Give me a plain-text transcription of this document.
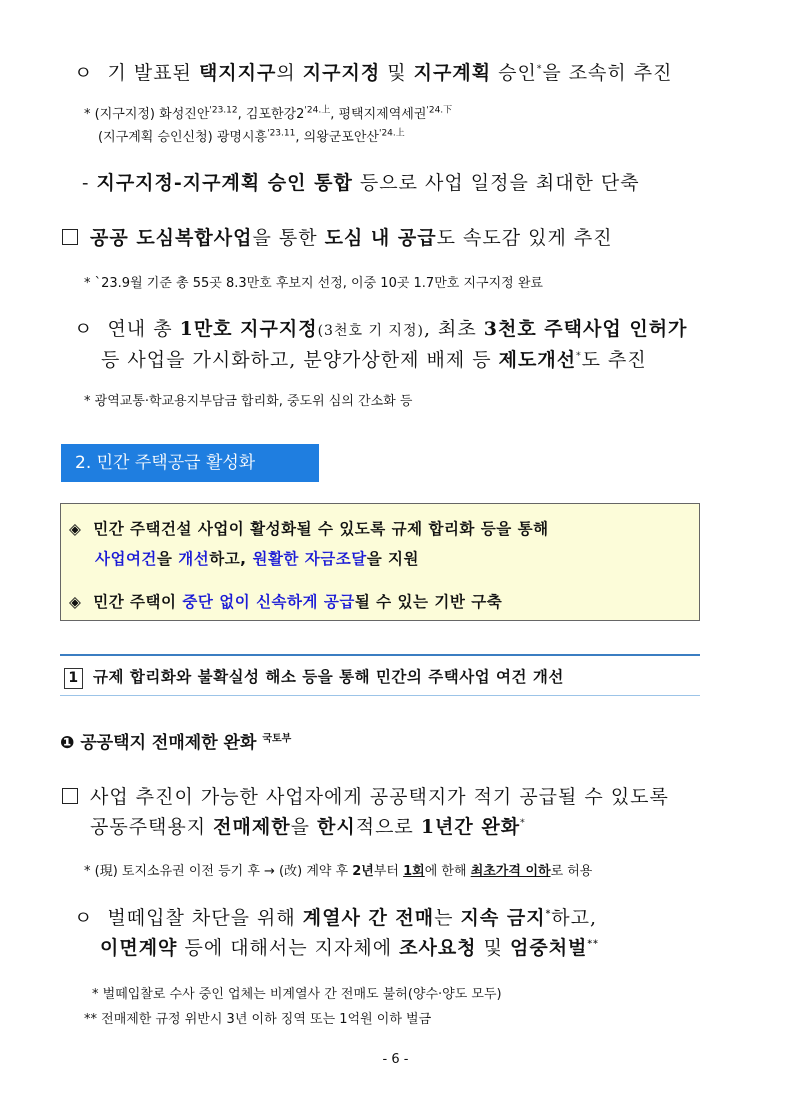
ㅇ 기 발표된 택지지구의 지구지정 및 지구계획 승인*을 조속히 추진
* (지구지정) 화성진안$^{'23.12}$, 김포한강$2^{'24.上}$, 평택지제역세권$^{'24.下}$
(지구계획 승인신청) 광명시흥$^{'23.11}$, 의왕군포안산$^{'24.上}$
- 지구지정-지구계획 승인 통합 등으로 사업 일정을 최대한 단축
공공 도심복합사업을 통한 도심 내 공급도 속도감 있게 추진
* `23.9월 기준 총 55곳 8.3만호 후보지 선정, 이중 10곳 1.7만호 지구지정 완료
ㅇ 연내 총 1만호 지구지정(3천호 기 지정), 최초 3천호 주택사업 인허가
등 사업을 가시화하고, 분양가상한제 배제 등 제도개선*도 추진
* 광역교통·학교용지부담금 합리화, 중도위 심의 간소화 등
2. 민간 주택공급 활성화
◈ 민간 주택건설 사업이 활성화될 수 있도록 규제 합리화 등을 통해
사업여건을 개선하고, 원활한 자금조달을 지원
◈ 민간 주택이 중단 없이 신속하게 공급될 수 있는 기반 구축
1 규제 합리화와 불확실성 해소 등을 통해 민간의 주택사업 여건 개선
❶ 공공택지 전매제한 완화 $^{국토부}$
사업 추진이 가능한 사업자에게 공공택지가 적기 공급될 수 있도록
공동주택용지 전매제한을 한시적으로 1년간 완화*
* (現) 토지소유권 이전 등기 후 → (改) 계약 후 2년부터 1회에 한해 최초가격 이하로 허용
ㅇ 벌떼입찰 차단을 위해 계열사 간 전매는 지속 금지*하고,
이면계약 등에 대해서는 지자체에 조사요청 및 엄중처벌**
* 벌떼입찰로 수사 중인 업체는 비계열사 간 전매도 불허(양수·양도 모두)
** 전매제한 규정 위반시 3년 이하 징역 또는 1억원 이하 벌금
- 6 -
